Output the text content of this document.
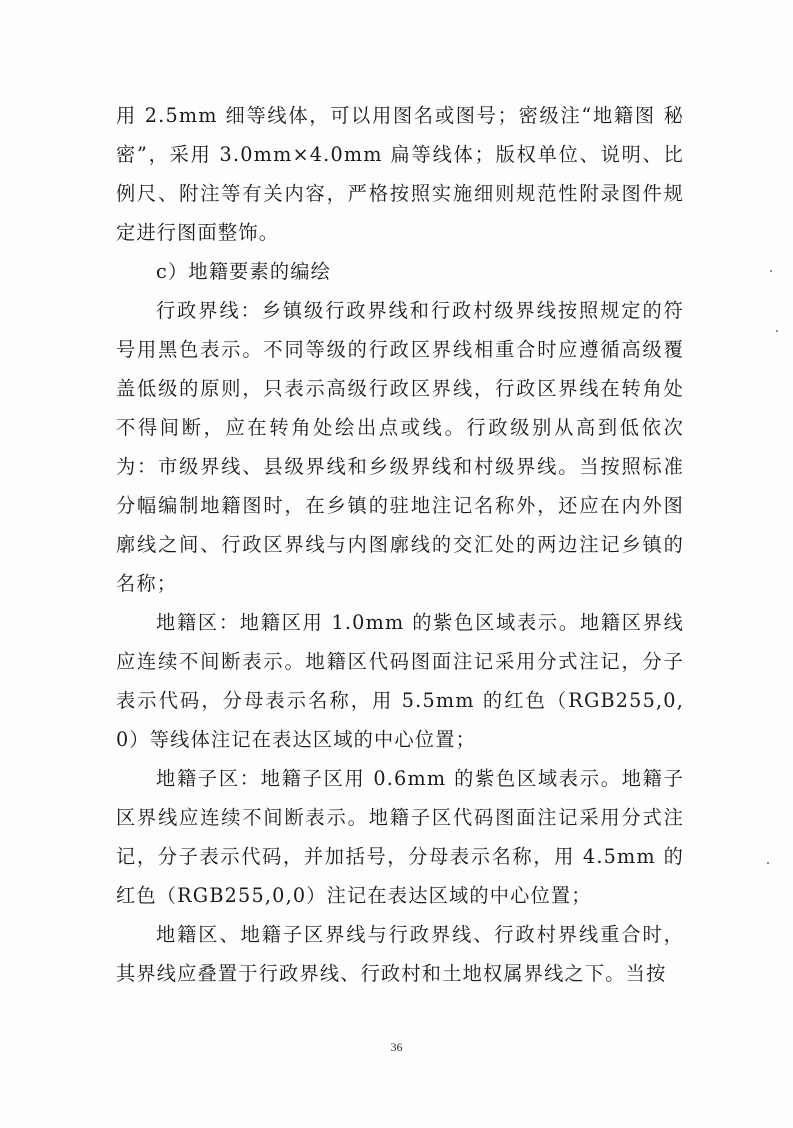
用 2.5mm 细等线体，可以用图名或图号；密级注“地籍图 秘密”，采用 3.0mm×4.0mm 扁等线体；版权单位、说明、比例尺、附注等有关内容，严格按照实施细则规范性附录图件规定进行图面整饰。

c）地籍要素的编绘

行政界线：乡镇级行政界线和行政村级界线按照规定的符号用黑色表示。不同等级的行政区界线相重合时应遵循高级覆盖低级的原则，只表示高级行政区界线，行政区界线在转角处不得间断，应在转角处绘出点或线。行政级别从高到低依次为：市级界线、县级界线和乡级界线和村级界线。当按照标准分幅编制地籍图时，在乡镇的驻地注记名称外，还应在内外图廓线之间、行政区界线与内图廓线的交汇处的两边注记乡镇的名称；

地籍区：地籍区用 1.0mm 的紫色区域表示。地籍区界线应连续不间断表示。地籍区代码图面注记采用分式注记，分子表示代码，分母表示名称，用 5.5mm 的红色（RGB255,0,0）等线体注记在表达区域的中心位置；

地籍子区：地籍子区用 0.6mm 的紫色区域表示。地籍子区界线应连续不间断表示。地籍子区代码图面注记采用分式注记，分子表示代码，并加括号，分母表示名称，用 4.5mm 的红色（RGB255,0,0）注记在表达区域的中心位置；

地籍区、地籍子区界线与行政界线、行政村界线重合时，其界线应叠置于行政界线、行政村和土地权属界线之下。当按

36
